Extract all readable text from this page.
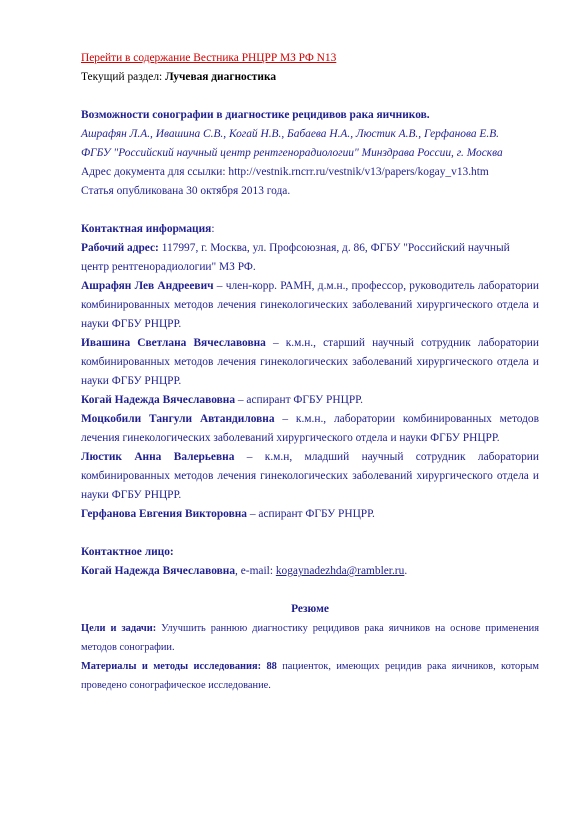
Перейти в содержание Вестника РНЦРР МЗ РФ N13

Текущий раздел: Лучевая диагностика

Возможности сонографии в диагностике рецидивов рака яичников.

Ашрафян Л.А., Ивашина С.В., Когай Н.В., Бабаева Н.А., Люстик А.В., Герфанова Е.В.

ФГБУ "Российский научный центр рентгенорадиологии" Минздрава России, г. Москва

Адрес документа для ссылки: http://vestnik.rncrr.ru/vestnik/v13/papers/kogay_v13.htm

Статья опубликована 30 октября 2013 года.

Контактная информация:

Рабочий адрес: 117997, г. Москва, ул. Профсоюзная, д. 86, ФГБУ "Российский научный центр рентгенорадиологии" МЗ РФ.

Ашрафян Лев Андреевич – член-корр. РАМН, д.м.н., профессор, руководитель лаборатории комбинированных методов лечения гинекологических заболеваний хирургического отдела и науки ФГБУ РНЦРР.

Ивашина Светлана Вячеславовна – к.м.н., старший научный сотрудник лаборатории комбинированных методов лечения гинекологических заболеваний хирургического отдела и науки ФГБУ РНЦРР.

Когай Надежда Вячеславовна – аспирант ФГБУ РНЦРР.

Моцкобили Тангули Автандиловна – к.м.н., лаборатории комбинированных методов лечения гинекологических заболеваний хирургического отдела и науки ФГБУ РНЦРР.

Люстик Анна Валерьевна – к.м.н, младший научный сотрудник лаборатории комбинированных методов лечения гинекологических заболеваний хирургического отдела и науки ФГБУ РНЦРР.

Герфанова Евгения Викторовна – аспирант ФГБУ РНЦРР.

Контактное лицо:

Когай Надежда Вячеславовна, e-mail: kogaynadezhda@rambler.ru.

Резюме

Цели и задачи: Улучшить раннюю диагностику рецидивов рака яичников на основе применения методов сонографии.

Материалы и методы исследования: 88 пациенток, имеющих рецидив рака яичников, которым проведено сонографическое исследование.
